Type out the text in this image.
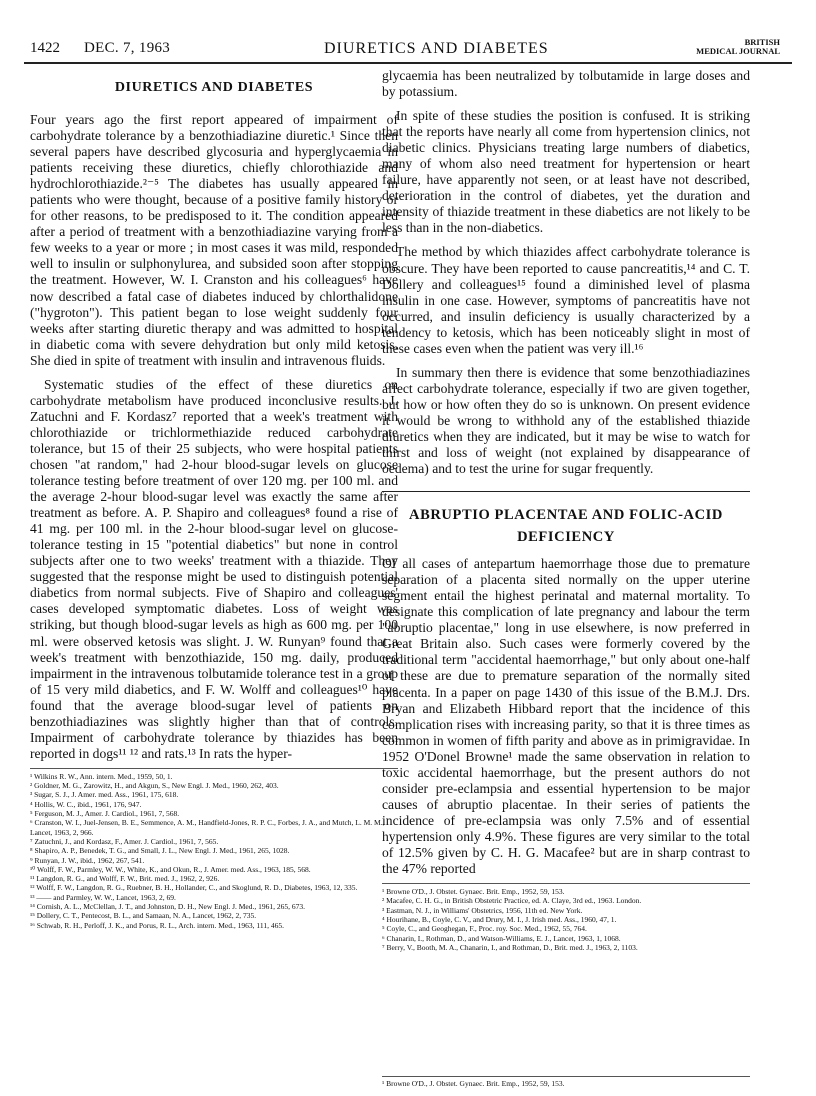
1422 DEC. 7, 1963	DIURETICS AND DIABETES	BRITISH
MEDICAL JOURNAL
DIURETICS AND DIABETES

Four years ago the first report appeared of impairment of carbohydrate tolerance by a benzothiadiazine diuretic.¹ Since then several papers have described glycosuria and hyperglycaemia in patients receiving these diuretics, chiefly chlorothiazide and hydrochlorothiazide.²⁻⁵ The diabetes has usually appeared in patients who were thought, because of a positive family history or for other reasons, to be predisposed to it. The condition appeared after a period of treatment with a benzothiadiazine varying from a few weeks to a year or more ; in most cases it was mild, responded well to insulin or sulphonylurea, and subsided soon after stopping the treatment. However, W. I. Cranston and his colleagues⁶ have now described a fatal case of diabetes induced by chlorthalidone ("hygroton"). This patient began to lose weight suddenly four weeks after starting diuretic therapy and was admitted to hospital in diabetic coma with severe dehydration but only mild ketosis. She died in spite of treatment with insulin and intravenous fluids.

Systematic studies of the effect of these diuretics on carbohydrate metabolism have produced inconclusive results. J. Zatuchni and F. Kordasz⁷ reported that a week's treatment with chlorothiazide or trichlormethiazide reduced carbohydrate tolerance, but 15 of their 25 subjects, who were hospital patients chosen "at random," had 2-hour blood-sugar levels on glucose tolerance testing before treatment of over 120 mg. per 100 ml. and the average 2-hour blood-sugar level was exactly the same after treatment as before. A. P. Shapiro and colleagues⁸ found a rise of 41 mg. per 100 ml. in the 2-hour blood-sugar level on glucose-tolerance testing in 15 "potential diabetics" but none in control subjects after one to two weeks' treatment with a thiazide. They suggested that the response might be used to distinguish potential diabetics from normal subjects. Five of Shapiro and colleagues' cases developed symptomatic diabetes. Loss of weight was striking, but though blood-sugar levels as high as 600 mg. per 100 ml. were observed ketosis was slight. J. W. Runyan⁹ found that a week's treatment with benzothiazide, 150 mg. daily, produced impairment in the intravenous tolbutamide tolerance test in a group of 15 very mild diabetics, and F. W. Wolff and colleagues¹⁰ have found that the average blood-sugar level of patients on benzothiadiazines was slightly higher than that of controls. Impairment of carbohydrate tolerance by thiazides has been reported in dogs¹¹ ¹² and rats.¹³ In rats the hyper-

¹ Wilkins R. W., Ann. intern. Med., 1959, 50, 1.
² Goldner, M. G., Zarowitz, H., and Akgun, S., New Engl. J. Med., 1960, 262, 403.
³ Sugar, S. J., J. Amer. med. Ass., 1961, 175, 618.
⁴ Hollis, W. C., ibid., 1961, 176, 947.
⁵ Ferguson, M. J., Amer. J. Cardiol., 1961, 7, 568.
⁶ Cranston, W. I., Juel-Jensen, B. E., Semmence, A. M., Handfield-Jones, R. P. C., Forbes, J. A., and Mutch, L. M. M., Lancet, 1963, 2, 966.
⁷ Zatuchni, J., and Kordasz, F., Amer. J. Cardiol., 1961, 7, 565.
⁸ Shapiro, A. P., Benedek, T. G., and Small, J. L., New Engl. J. Med., 1961, 265, 1028.
⁹ Runyan, J. W., ibid., 1962, 267, 541.
¹⁰ Wolff, F. W., Parmley, W. W., White, K., and Okun, R., J. Amer. med. Ass., 1963, 185, 568.
¹¹ Langdon, R. G., and Wolff, F. W., Brit. med. J., 1962, 2, 926.
¹² Wolff, F. W., Langdon, R. G., Ruebner, B. H., Hollander, C., and Skoglund, R. D., Diabetes, 1963, 12, 335.
¹³ —— and Parmley, W. W., Lancet, 1963, 2, 69.
¹⁴ Cornish, A. L., McClellan, J. T., and Johnston, D. H., New Engl. J. Med., 1961, 265, 673.
¹⁵ Dollery, C. T., Pentecost, B. L., and Samaan, N. A., Lancet, 1962, 2, 735.
¹⁶ Schwab, R. H., Perloff, J. K., and Porus, R. L., Arch. intern. Med., 1963, 111, 465.

glycaemia has been neutralized by tolbutamide in large doses and by potassium.

In spite of these studies the position is confused. It is striking that the reports have nearly all come from hypertension clinics, not diabetic clinics. Physicians treating large numbers of diabetics, many of whom also need treatment for hypertension or heart failure, have apparently not seen, or at least have not described, deterioration in the control of diabetes, yet the duration and intensity of thiazide treatment in these diabetics are not likely to be less than in the non-diabetics.

The method by which thiazides affect carbohydrate tolerance is obscure. They have been reported to cause pancreatitis,¹⁴ and C. T. Dollery and colleagues¹⁵ found a diminished level of plasma insulin in one case. However, symptoms of pancreatitis have not occurred, and insulin deficiency is usually characterized by a tendency to ketosis, which has been noticeably slight in most of these cases even when the patient was very ill.¹⁶

In summary then there is evidence that some benzothiadiazines affect carbohydrate tolerance, especially if two are given together, but how or how often they do so is unknown. On present evidence it would be wrong to withhold any of the established thiazide diuretics when they are indicated, but it may be wise to watch for thirst and loss of weight (not explained by disappearance of oedema) and to test the urine for sugar frequently.

ABRUPTIO PLACENTAE AND FOLIC-ACID DEFICIENCY

Of all cases of antepartum haemorrhage those due to premature separation of a placenta sited normally on the upper uterine segment entail the highest perinatal and maternal mortality. To designate this complication of late pregnancy and labour the term "abruptio placentae," long in use elsewhere, is now preferred in Great Britain also. Such cases were formerly covered by the traditional term "accidental haemorrhage," but only about one-half of these are due to premature separation of the normally sited placenta. In a paper on page 1430 of this issue of the B.M.J. Drs. Bryan and Elizabeth Hibbard report that the incidence of this complication rises with increasing parity, so that it is three times as common in women of fifth parity and above as in primigravidae. In 1952 O'Donel Browne¹ made the same observation in relation to toxic accidental haemorrhage, but the present authors do not consider pre-eclampsia and essential hypertension to be major causes of abruptio placentae. In their series of patients the incidence of pre-eclampsia was only 7.5% and of essential hypertension only 4.9%. These figures are very similar to the total of 12.5% given by C. H. G. Macafee² but are in sharp contrast to the 47% reported

¹ Browne O'D., J. Obstet. Gynaec. Brit. Emp., 1952, 59, 153.
² Macafee, C. H. G., in British Obstetric Practice, ed. A. Claye, 3rd ed., 1963. London.
³ Eastman, N. J., in Williams' Obstetrics, 1956, 11th ed. New York.
⁴ Hourihane, B., Coyle, C. V., and Drury, M. I., J. Irish med. Ass., 1960, 47, 1.
⁵ Coyle, C., and Geoghegan, F., Proc. roy. Soc. Med., 1962, 55, 764.
⁶ Chanarin, I., Rothman, D., and Watson-Williams, E. J., Lancet, 1963, 1, 1068.
⁷ Berry, V., Booth, M. A., Chanarin, I., and Rothman, D., Brit. med. J., 1963, 2, 1103.
¹ Browne O'D., J. Obstet. Gynaec. Brit. Emp., 1952, 59, 153.
